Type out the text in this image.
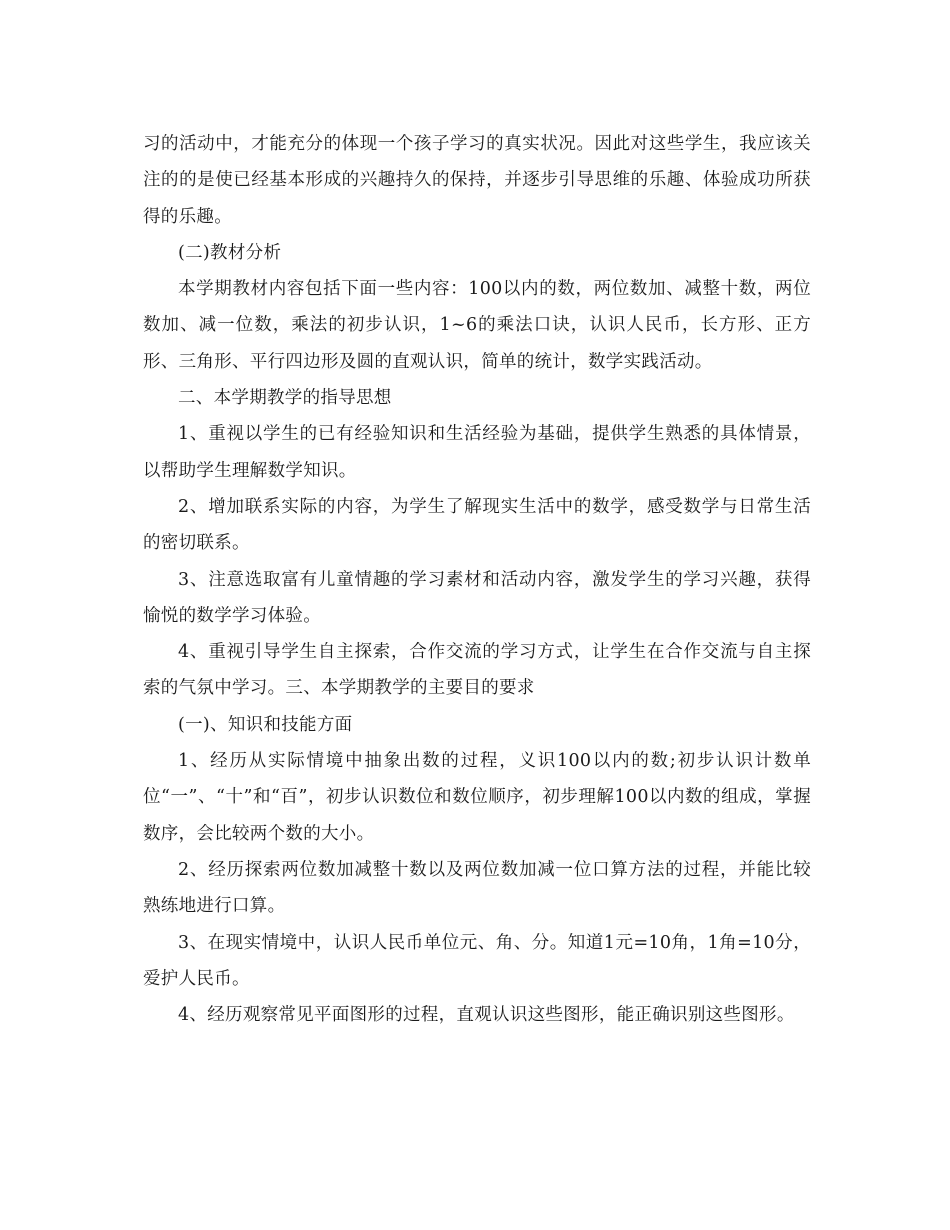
习的活动中，才能充分的体现一个孩子学习的真实状况。因此对这些学生，我应该关注的的是使已经基本形成的兴趣持久的保持，并逐步引导思维的乐趣、体验成功所获得的乐趣。

(二)教材分析

本学期教材内容包括下面一些内容：100以内的数，两位数加、减整十数，两位数加、减一位数，乘法的初步认识，1~6的乘法口诀，认识人民币，长方形、正方形、三角形、平行四边形及圆的直观认识，简单的统计，数学实践活动。

二、本学期教学的指导思想

1、重视以学生的已有经验知识和生活经验为基础，提供学生熟悉的具体情景，以帮助学生理解数学知识。

2、增加联系实际的内容，为学生了解现实生活中的数学，感受数学与日常生活的密切联系。

3、注意选取富有儿童情趣的学习素材和活动内容，激发学生的学习兴趣，获得愉悦的数学学习体验。

4、重视引导学生自主探索，合作交流的学习方式，让学生在合作交流与自主探索的气氛中学习。三、本学期教学的主要目的要求

(一)、知识和技能方面

1、经历从实际情境中抽象出数的过程，义识100以内的数;初步认识计数单位“一”、“十”和“百”，初步认识数位和数位顺序，初步理解100以内数的组成，掌握数序，会比较两个数的大小。

2、经历探索两位数加减整十数以及两位数加减一位口算方法的过程，并能比较熟练地进行口算。

3、在现实情境中，认识人民币单位元、角、分。知道1元=10角，1角=10分，爱护人民币。

4、经历观察常见平面图形的过程，直观认识这些图形，能正确识别这些图形。
